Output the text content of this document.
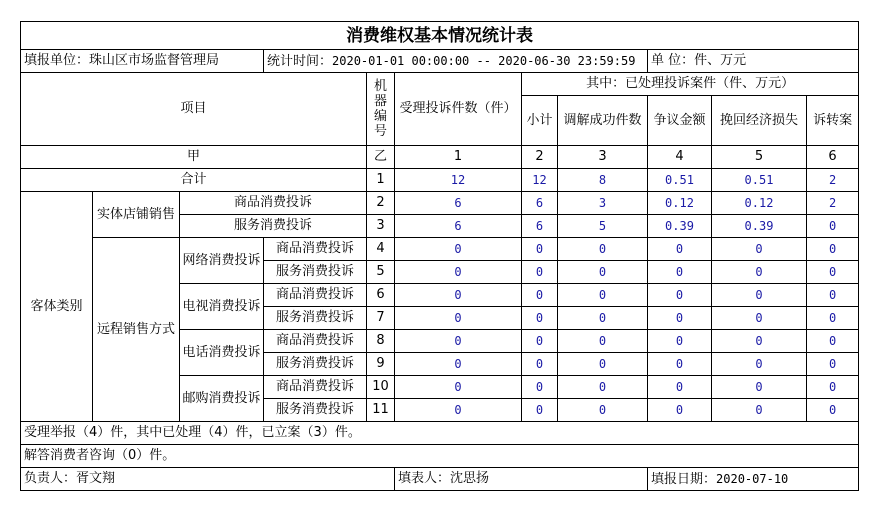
消费维权基本情况统计表										
填报单位：珠山区市场监督管理局			统计时间：2020-01-01 00:00:00 -- 2020-06-30 23:59:59					单 位：件、万元		
项目				机器编号	受理投诉件数（件）	其中：已处理投诉案件（件、万元）				
						小计	调解成功件数	争议金额	挽回经济损失	诉转案
甲				乙	1	2	3	4	5	6
合计				1	12	12	8	0.51	0.51	2
客体类别	实体店铺销售	商品消费投诉		2	6	6	3	0.12	0.12	2
		服务消费投诉		3	6	6	5	0.39	0.39	0
	远程销售方式	网络消费投诉	商品消费投诉	4	0	0	0	0	0	0
			服务消费投诉	5	0	0	0	0	0	0
		电视消费投诉	商品消费投诉	6	0	0	0	0	0	0
			服务消费投诉	7	0	0	0	0	0	0
		电话消费投诉	商品消费投诉	8	0	0	0	0	0	0
			服务消费投诉	9	0	0	0	0	0	0
		邮购消费投诉	商品消费投诉	10	0	0	0	0	0	0
			服务消费投诉	11	0	0	0	0	0	0
受理举报（4）件，其中已处理（4）件，已立案（3）件。										
解答消费者咨询（0）件。										
负责人：胥文翔					填表人：沈思扬			填报日期：2020-07-10		
